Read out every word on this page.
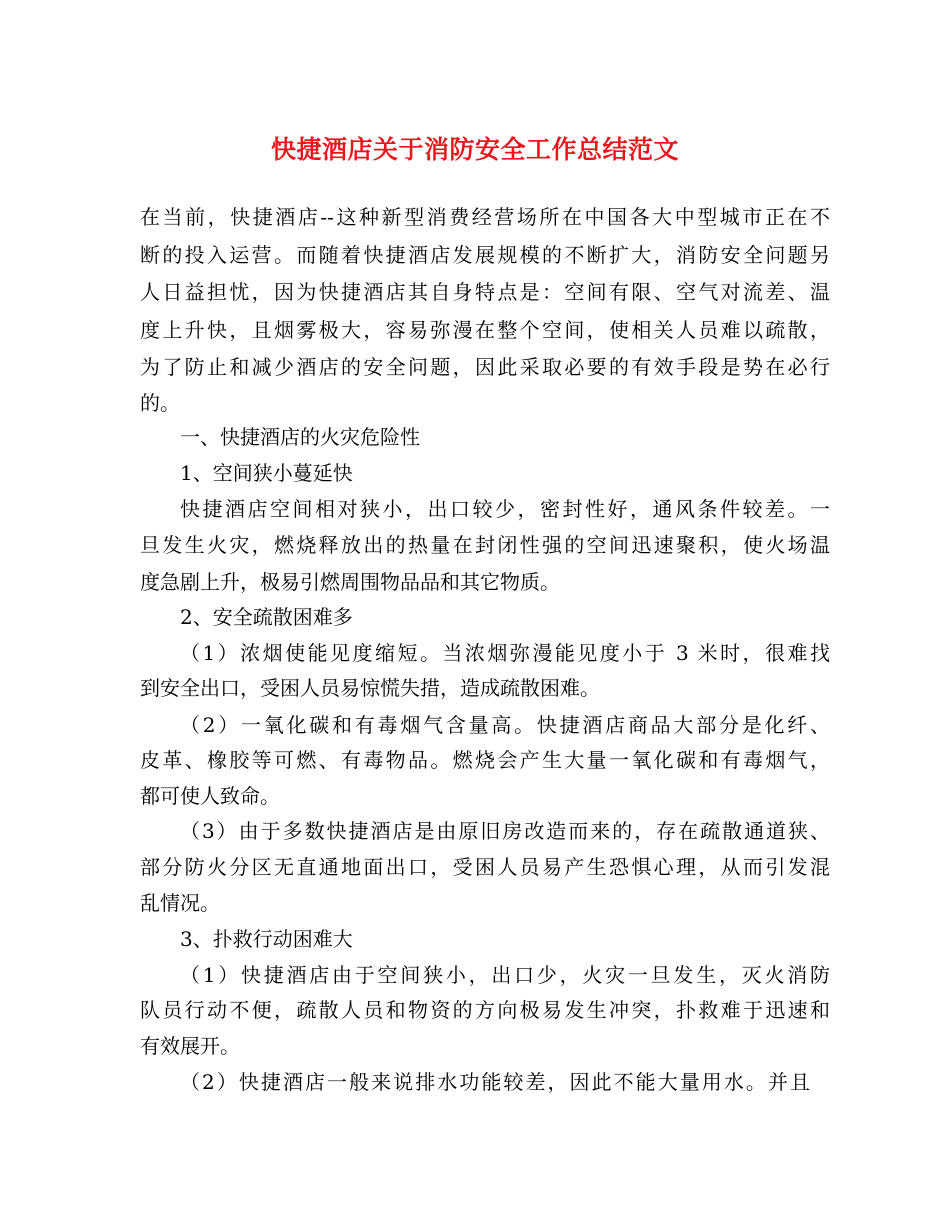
快捷酒店关于消防安全工作总结范文
在当前，快捷酒店--这种新型消费经营场所在中国各大中型城市正在不
断的投入运营。而随着快捷酒店发展规模的不断扩大，消防安全问题另
人日益担忧，因为快捷酒店其自身特点是：空间有限、空气对流差、温
度上升快，且烟雾极大，容易弥漫在整个空间，使相关人员难以疏散，
为了防止和减少酒店的安全问题，因此采取必要的有效手段是势在必行
的。
一、快捷酒店的火灾危险性
1、空间狭小蔓延快
快捷酒店空间相对狭小，出口较少，密封性好，通风条件较差。一
旦发生火灾，燃烧释放出的热量在封闭性强的空间迅速聚积，使火场温
度急剧上升，极易引燃周围物品品和其它物质。
2、安全疏散困难多
（1）浓烟使能见度缩短。当浓烟弥漫能见度小于 3 米时，很难找
到安全出口，受困人员易惊慌失措，造成疏散困难。
（2）一氧化碳和有毒烟气含量高。快捷酒店商品大部分是化纤、
皮革、橡胶等可燃、有毒物品。燃烧会产生大量一氧化碳和有毒烟气，
都可使人致命。
（3）由于多数快捷酒店是由原旧房改造而来的，存在疏散通道狭、
部分防火分区无直通地面出口，受困人员易产生恐惧心理，从而引发混
乱情况。
3、扑救行动困难大
（1）快捷酒店由于空间狭小，出口少，火灾一旦发生，灭火消防
队员行动不便，疏散人员和物资的方向极易发生冲突，扑救难于迅速和
有效展开。
（2）快捷酒店一般来说排水功能较差，因此不能大量用水。并且
